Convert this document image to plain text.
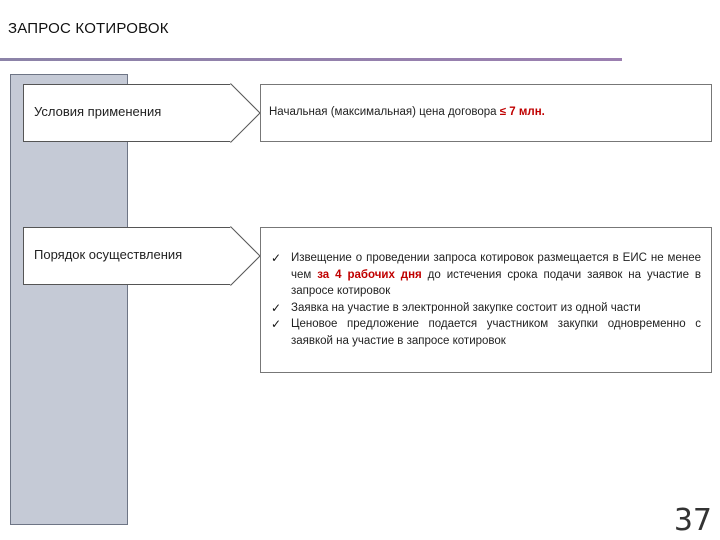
ЗАПРОС КОТИРОВОК
Условия применения	Начальная (максимальная) цена договора ≤ 7 млн.
Порядок осуществления	✓ Извещение о проведении запроса котировок размещается в ЕИС не менее чем за 4 рабочих дня до истечения срока подачи заявок на участие в запросе котировок
✓ Заявка на участие в электронной закупке состоит из одной части
✓ Ценовое предложение подается участником закупки одновременно с заявкой на участие в запросе котировок
37
